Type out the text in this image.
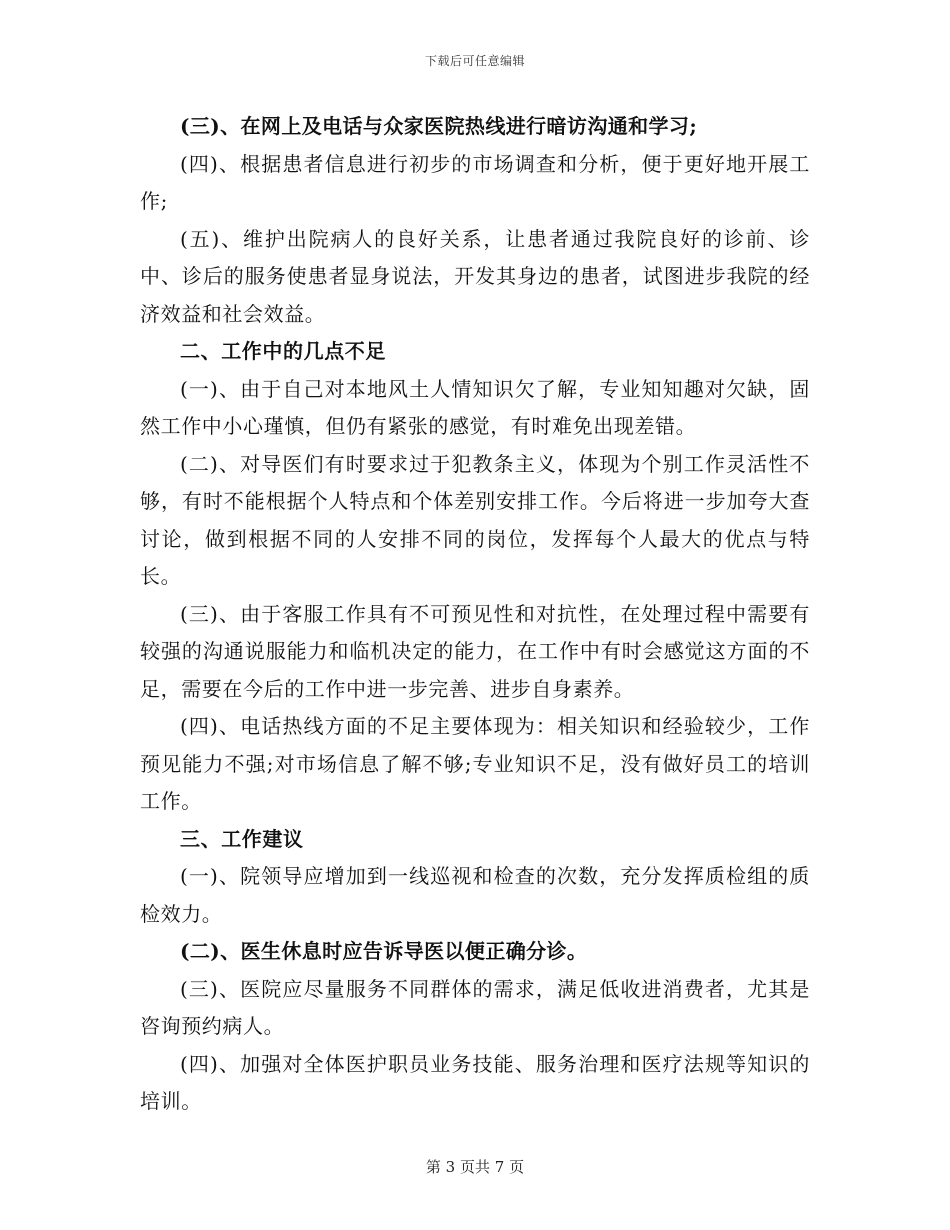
下载后可任意编辑

(三)、在网上及电话与众家医院热线进行暗访沟通和学习;

(四)、根据患者信息进行初步的市场调查和分析，便于更好地开展工作;

(五)、维护出院病人的良好关系，让患者通过我院良好的诊前、诊中、诊后的服务使患者显身说法，开发其身边的患者，试图进步我院的经济效益和社会效益。

二、工作中的几点不足

(一)、由于自己对本地风土人情知识欠了解，专业知知趣对欠缺，固然工作中小心瑾慎，但仍有紧张的感觉，有时难免出现差错。

(二)、对导医们有时要求过于犯教条主义，体现为个别工作灵活性不够，有时不能根据个人特点和个体差别安排工作。今后将进一步加夸大查讨论，做到根据不同的人安排不同的岗位，发挥每个人最大的优点与特长。

(三)、由于客服工作具有不可预见性和对抗性，在处理过程中需要有较强的沟通说服能力和临机决定的能力，在工作中有时会感觉这方面的不足，需要在今后的工作中进一步完善、进步自身素养。

(四)、电话热线方面的不足主要体现为：相关知识和经验较少，工作预见能力不强;对市场信息了解不够;专业知识不足，没有做好员工的培训工作。

三、工作建议

(一)、院领导应增加到一线巡视和检查的次数，充分发挥质检组的质检效力。

(二)、医生休息时应告诉导医以便正确分诊。

(三)、医院应尽量服务不同群体的需求，满足低收进消费者，尤其是咨询预约病人。

(四)、加强对全体医护职员业务技能、服务治理和医疗法规等知识的培训。

第 3 页共 7 页
